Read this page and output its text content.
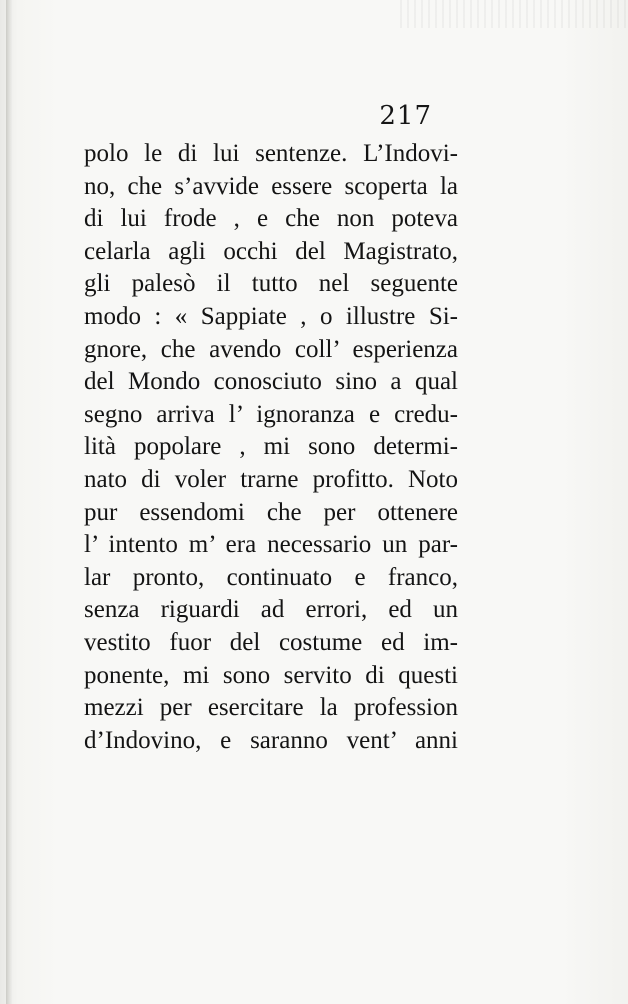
217
polo le di lui sentenze. L’Indovi-
no, che s’avvide essere scoperta la
di lui frode , e che non poteva
celarla agli occhi del Magistrato,
gli palesò il tutto nel seguente
modo : « Sappiate , o illustre Si-
gnore, che avendo coll’ esperienza
del Mondo conosciuto sino a qual
segno arriva l’ ignoranza e credu-
lità popolare , mi sono determi-
nato di voler trarne profitto. Noto
pur essendomi che per ottenere
l’ intento m’ era necessario un par-
lar pronto, continuato e franco,
senza riguardi ad errori, ed un
vestito fuor del costume ed im-
ponente, mi sono servito di questi
mezzi per esercitare la profession
d’Indovino, e saranno vent’ anni
